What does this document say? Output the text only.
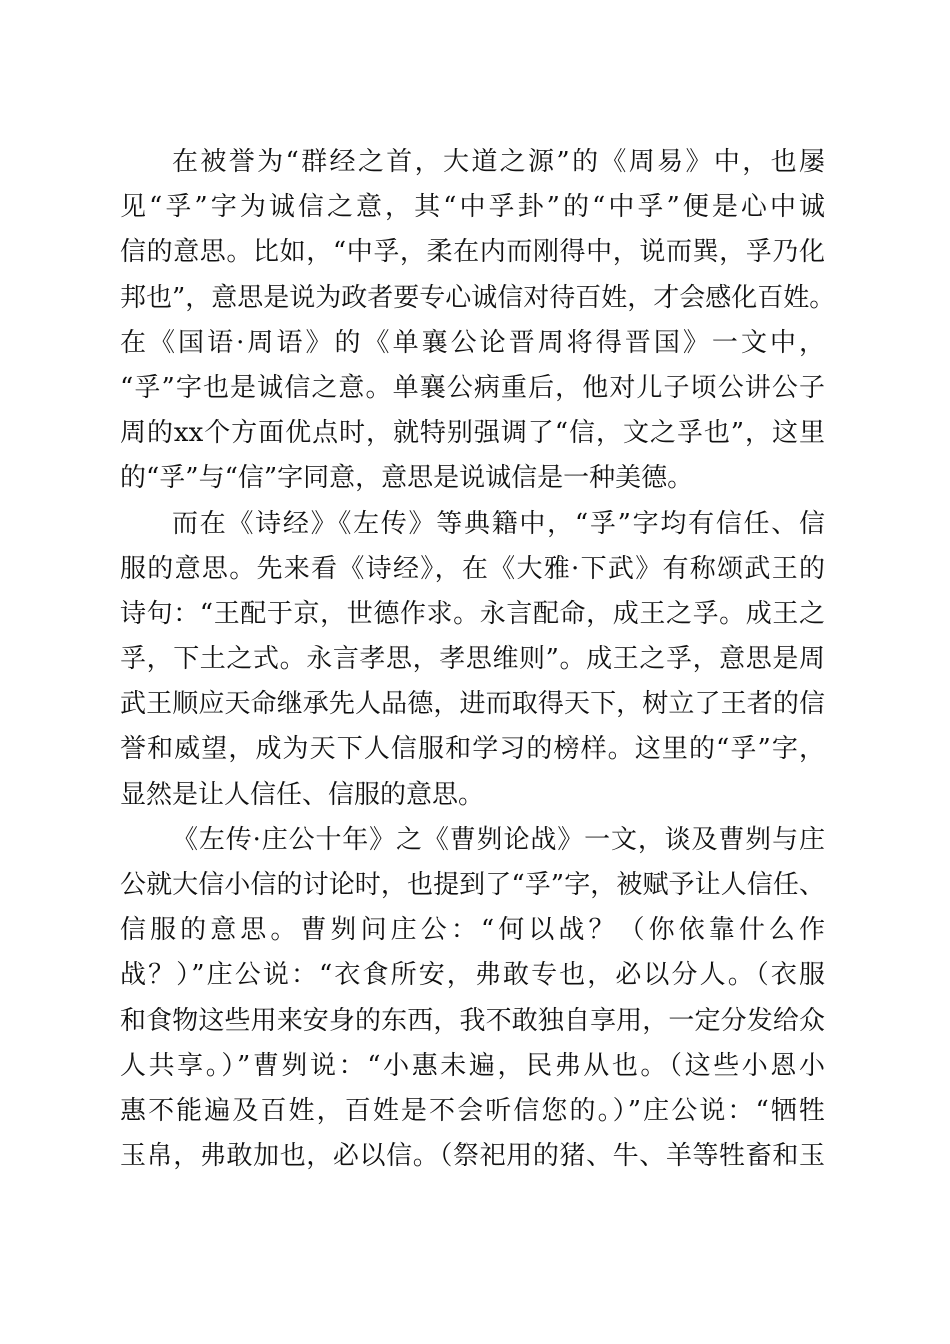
在被誉为“群经之首，大道之源”的《周易》中，也屡
见“孚”字为诚信之意，其“中孚卦”的“中孚”便是心中诚
信的意思。比如，“中孚，柔在内而刚得中，说而巽，孚乃化
邦也”，意思是说为政者要专心诚信对待百姓，才会感化百姓。
在《国语·周语》的《单襄公论晋周将得晋国》一文中，
“孚”字也是诚信之意。单襄公病重后，他对儿子顷公讲公子
周的xx个方面优点时，就特别强调了“信，文之孚也”，这里
的“孚”与“信”字同意，意思是说诚信是一种美德。
而在《诗经》《左传》等典籍中，“孚”字均有信任、信
服的意思。先来看《诗经》，在《大雅·下武》有称颂武王的
诗句：“王配于京，世德作求。永言配命，成王之孚。成王之
孚，下土之式。永言孝思，孝思维则”。成王之孚，意思是周
武王顺应天命继承先人品德，进而取得天下，树立了王者的信
誉和威望，成为天下人信服和学习的榜样。这里的“孚”字，
显然是让人信任、信服的意思。
《左传·庄公十年》之《曹刿论战》一文，谈及曹刿与庄
公就大信小信的讨论时，也提到了“孚”字，被赋予让人信任、
信服的意思。曹刿问庄公：“何以战？（你依靠什么作
战？）”庄公说：“衣食所安，弗敢专也，必以分人。（衣服
和食物这些用来安身的东西，我不敢独自享用，一定分发给众
人共享。）”曹刿说：“小惠未遍，民弗从也。（这些小恩小
惠不能遍及百姓，百姓是不会听信您的。）”庄公说：“牺牲
玉帛，弗敢加也，必以信。（祭祀用的猪、牛、羊等牲畜和玉
